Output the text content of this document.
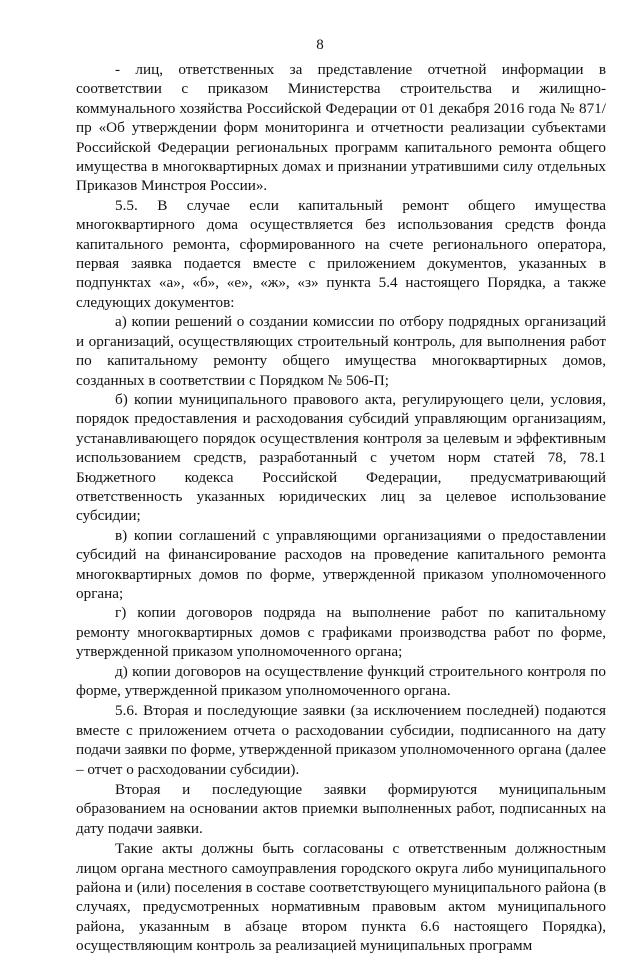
8

- лиц, ответственных за представление отчетной информации в соответствии с приказом Министерства строительства и жилищно-коммунального хозяйства Российской Федерации от 01 декабря 2016 года № 871/пр «Об утверждении форм мониторинга и отчетности реализации субъектами Российской Федерации региональных программ капитального ремонта общего имущества в многоквартирных домах и признании утратившими силу отдельных Приказов Минстроя России».

5.5. В случае если капитальный ремонт общего имущества многоквартирного дома осуществляется без использования средств фонда капитального ремонта, сформированного на счете регионального оператора, первая заявка подается вместе с приложением документов, указанных в подпунктах «а», «б», «е», «ж», «з» пункта 5.4 настоящего Порядка, а также следующих документов:

а) копии решений о создании комиссии по отбору подрядных организаций и организаций, осуществляющих строительный контроль, для выполнения работ по капитальному ремонту общего имущества многоквартирных домов, созданных в соответствии с Порядком № 506-П;

б) копии муниципального правового акта, регулирующего цели, условия, порядок предоставления и расходования субсидий управляющим организациям, устанавливающего порядок осуществления контроля за целевым и эффективным использованием средств, разработанный с учетом норм статей 78, 78.1 Бюджетного кодекса Российской Федерации, предусматривающий ответственность указанных юридических лиц за целевое использование субсидии;

в) копии соглашений с управляющими организациями о предоставлении субсидий на финансирование расходов на проведение капитального ремонта многоквартирных домов по форме, утвержденной приказом уполномоченного органа;

г) копии договоров подряда на выполнение работ по капитальному ремонту многоквартирных домов с графиками производства работ по форме, утвержденной приказом уполномоченного органа;

д) копии договоров на осуществление функций строительного контроля по форме, утвержденной приказом уполномоченного органа.

5.6. Вторая и последующие заявки (за исключением последней) подаются вместе с приложением отчета о расходовании субсидии, подписанного на дату подачи заявки по форме, утвержденной приказом уполномоченного органа (далее – отчет о расходовании субсидии).

Вторая и последующие заявки формируются муниципальным образованием на основании актов приемки выполненных работ, подписанных на дату подачи заявки.

Такие акты должны быть согласованы с ответственным должностным лицом органа местного самоуправления городского округа либо муниципального района и (или) поселения в составе соответствующего муниципального района (в случаях, предусмотренных нормативным правовым актом муниципального района, указанным в абзаце втором пункта 6.6 настоящего Порядка), осуществляющим контроль за реализацией муниципальных программ
